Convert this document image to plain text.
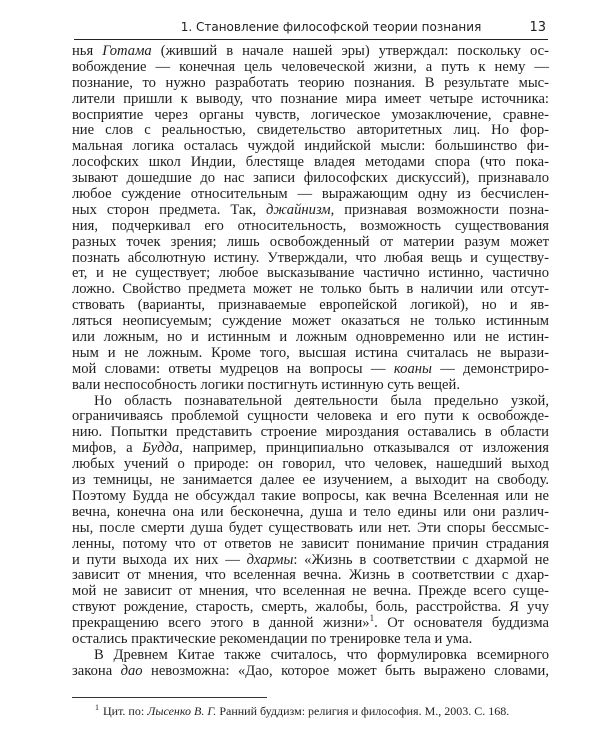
1. Становление философской теории познания	13
нья Готама (живший в начале нашей эры) утверждал: поскольку ос-
вобождение — конечная цель человеческой жизни, а путь к нему —
познание, то нужно разработать теорию познания. В результате мыс-
лители пришли к выводу, что познание мира имеет четыре источника:
восприятие через органы чувств, логическое умозаключение, сравне-
ние слов с реальностью, свидетельство авторитетных лиц. Но фор-
мальная логика осталась чуждой индийской мысли: большинство фи-
лософских школ Индии, блестяще владея методами спора (что пока-
зывают дошедшие до нас записи философских дискуссий), признавало
любое суждение относительным — выражающим одну из бесчислен-
ных сторон предмета. Так, джайнизм, признавая возможности позна-
ния, подчеркивал его относительность, возможность существования
разных точек зрения; лишь освобожденный от материи разум может
познать абсолютную истину. Утверждали, что любая вещь и существу-
ет, и не существует; любое высказывание частично истинно, частично
ложно. Свойство предмета может не только быть в наличии или отсут-
ствовать (варианты, признаваемые европейской логикой), но и яв-
ляться неописуемым; суждение может оказаться не только истинным
или ложным, но и истинным и ложным одновременно или не истин-
ным и не ложным. Кроме того, высшая истина считалась не вырази-
мой словами: ответы мудрецов на вопросы — коаны — демонстриро-
вали неспособность логики постигнуть истинную суть вещей.
Но область познавательной деятельности была предельно узкой,
ограничиваясь проблемой сущности человека и его пути к освобожде-
нию. Попытки представить строение мироздания оставались в области
мифов, а Будда, например, принципиально отказывался от изложения
любых учений о природе: он говорил, что человек, нашедший выход
из темницы, не занимается далее ее изучением, а выходит на свободу.
Поэтому Будда не обсуждал такие вопросы, как вечна Вселенная или не
вечна, конечна она или бесконечна, душа и тело едины или они различ-
ны, после смерти душа будет существовать или нет. Эти споры бессмыс-
ленны, потому что от ответов не зависит понимание причин страдания
и пути выхода их них — дхармы: «Жизнь в соответствии с дхармой не
зависит от мнения, что вселенная вечна. Жизнь в соответствии с дхар-
мой не зависит от мнения, что вселенная не вечна. Прежде всего суще-
ствуют рождение, старость, смерть, жалобы, боль, расстройства. Я учу
прекращению всего этого в данной жизни»$^1$. От основателя буддизма
остались практические рекомендации по тренировке тела и ума.
В Древнем Китае также считалось, что формулировка всемирного
закона дао невозможна: «Дао, которое может быть выражено словами,
$^1$ Цит. по: Лысенко В. Г. Ранний буддизм: религия и философия. М., 2003. С. 168.
